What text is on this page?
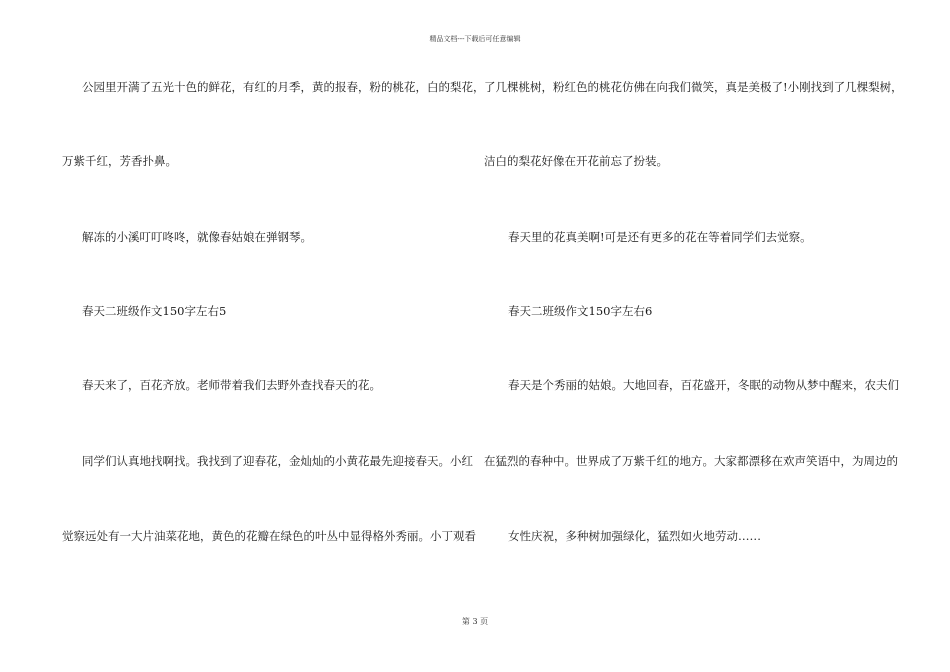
精品文档---下载后可任意编辑
公园里开满了五光十色的鲜花，有红的月季，黄的报春，粉的桃花，白的梨花，
万紫千红，芳香扑鼻。
解冻的小溪叮叮咚咚，就像春姑娘在弹钢琴。
春天二班级作文150字左右5
春天来了，百花齐放。老师带着我们去野外查找春天的花。
同学们认真地找啊找。我找到了迎春花，金灿灿的小黄花最先迎接春天。小红
觉察远处有一大片油菜花地，黄色的花瓣在绿色的叶丛中显得格外秀丽。小丁观看
了几棵桃树，粉红色的桃花仿佛在向我们微笑，真是美极了!小刚找到了几棵梨树，
洁白的梨花好像在开花前忘了扮装。
春天里的花真美啊!可是还有更多的花在等着同学们去觉察。
春天二班级作文150字左右6
春天是个秀丽的姑娘。大地回春，百花盛开，冬眠的动物从梦中醒来，农夫们
在猛烈的春种中。世界成了万紫千红的地方。大家都漂移在欢声笑语中，为周边的
女性庆祝，多种树加强绿化，猛烈如火地劳动……
第 3 页
